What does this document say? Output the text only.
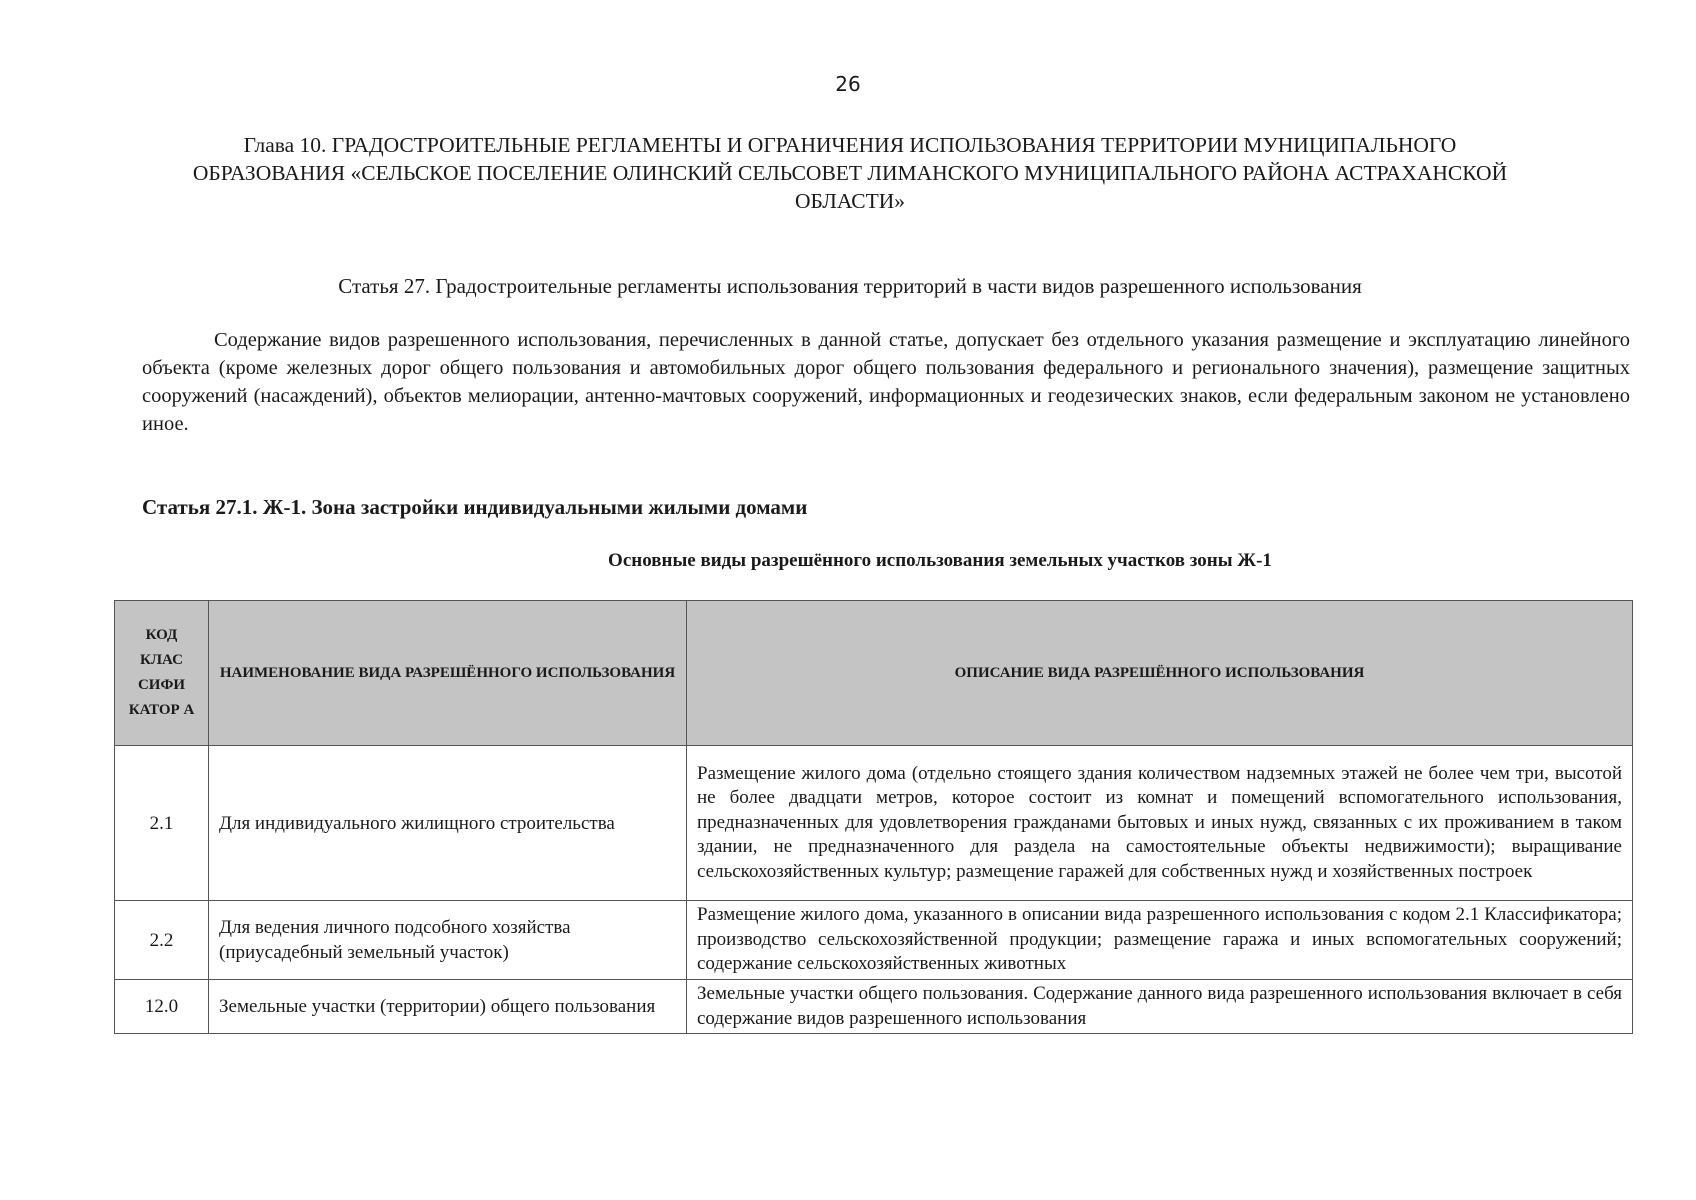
26
Глава 10. ГРАДОСТРОИТЕЛЬНЫЕ РЕГЛАМЕНТЫ И ОГРАНИЧЕНИЯ ИСПОЛЬЗОВАНИЯ ТЕРРИТОРИИ МУНИЦИПАЛЬНОГО ОБРАЗОВАНИЯ «СЕЛЬСКОЕ ПОСЕЛЕНИЕ ОЛИНСКИЙ СЕЛЬСОВЕТ ЛИМАНСКОГО МУНИЦИПАЛЬНОГО РАЙОНА АСТРАХАНСКОЙ ОБЛАСТИ»
Статья 27. Градостроительные регламенты использования территорий в части видов разрешенного использования
Содержание видов разрешенного использования, перечисленных в данной статье, допускает без отдельного указания размещение и эксплуатацию линейного объекта (кроме железных дорог общего пользования и автомобильных дорог общего пользования федерального и регионального значения), размещение защитных сооружений (насаждений), объектов мелиорации, антенно-мачтовых сооружений, информационных и геодезических знаков, если федеральным законом не установлено иное.
Статья 27.1. Ж-1. Зона застройки индивидуальными жилыми домами
Основные виды разрешённого использования земельных участков зоны Ж-1
КОД КЛАС СИФИ КАТОР А	НАИМЕНОВАНИЕ ВИДА РАЗРЕШЁННОГО ИСПОЛЬЗОВАНИЯ	ОПИСАНИЕ ВИДА РАЗРЕШЁННОГО ИСПОЛЬЗОВАНИЯ
2.1	Для индивидуального жилищного строительства	Размещение жилого дома (отдельно стоящего здания количеством надземных этажей не более чем три, высотой не более двадцати метров, которое состоит из комнат и помещений вспомогательного использования, предназначенных для удовлетворения гражданами бытовых и иных нужд, связанных с их проживанием в таком здании, не предназначенного для раздела на самостоятельные объекты недвижимости); выращивание сельскохозяйственных культур; размещение гаражей для собственных нужд и хозяйственных построек
2.2	Для ведения личного подсобного хозяйства (приусадебный земельный участок)	Размещение жилого дома, указанного в описании вида разрешенного использования с кодом 2.1 Классификатора; производство сельскохозяйственной продукции; размещение гаража и иных вспомогательных сооружений; содержание сельскохозяйственных животных
12.0	Земельные участки (территории) общего пользования	Земельные участки общего пользования. Содержание данного вида разрешенного использования включает в себя содержание видов разрешенного использования
